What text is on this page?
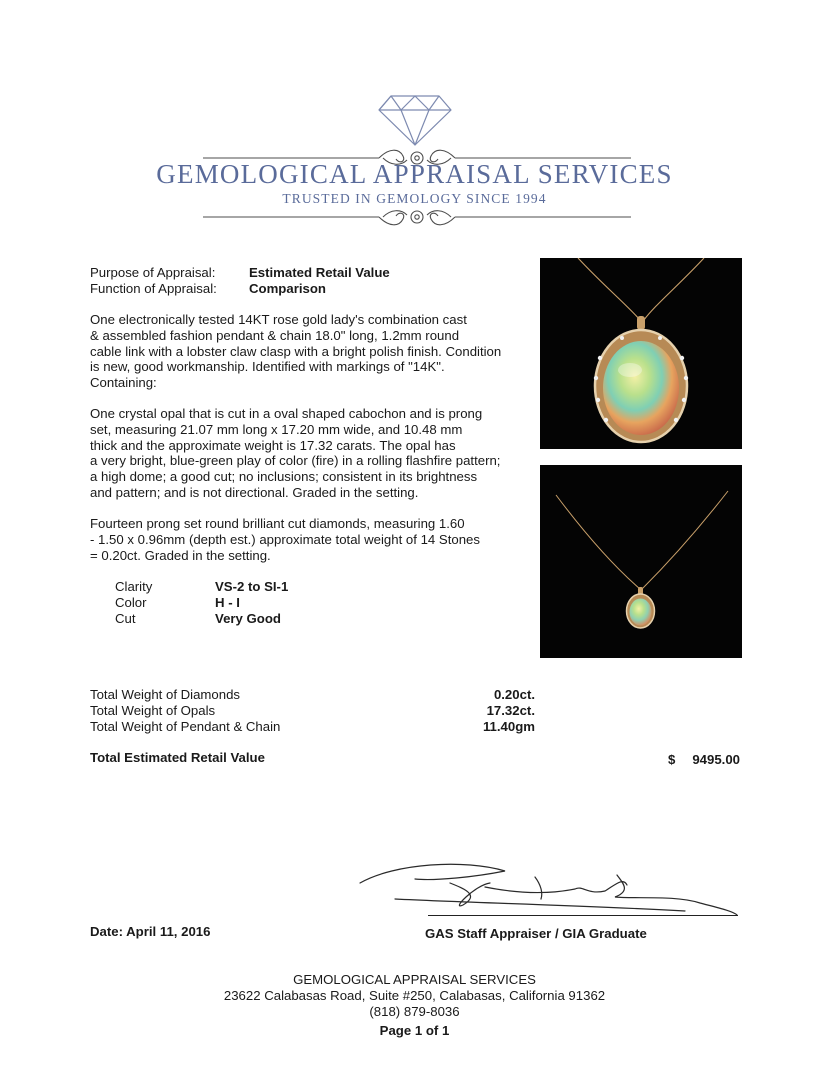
GEMOLOGICAL APPRAISAL SERVICES
TRUSTED IN GEMOLOGY SINCE 1994
Purpose of Appraisal:	Estimated Retail Value
Function of Appraisal: Comparison
One electronically tested 14KT rose gold lady's combination cast
& assembled fashion pendant & chain 18.0" long, 1.2mm round
cable link with a lobster claw clasp with a bright polish finish. Condition
is new, good workmanship. Identified with markings of "14K".
Containing:
One crystal opal that is cut in a oval shaped cabochon and is prong
set, measuring 21.07 mm long x 17.20 mm wide, and 10.48 mm
thick and the approximate weight is 17.32 carats. The opal has
a very bright, blue-green play of color (fire) in a rolling flashfire pattern;
a high dome; a good cut; no inclusions; consistent in its brightness
and pattern; and is not directional. Graded in the setting.
Fourteen prong set round brilliant cut diamonds, measuring 1.60
- 1.50 x 0.96mm (depth est.) approximate total weight of 14 Stones
= 0.20ct. Graded in the setting.
Clarity	VS-2 to SI-1
Color	H - I
Cut	Very Good
Total Weight of Diamonds	0.20ct.
Total Weight of Opals	17.32ct.
Total Weight of Pendant & Chain	11.40gm
Total Estimated Retail Value	$	9495.00
Date: April 11, 2016	GAS Staff Appraiser / GIA Graduate
GEMOLOGICAL APPRAISAL SERVICES
23622 Calabasas Road, Suite #250, Calabasas, California 91362
(818) 879-8036
Page 1 of 1
